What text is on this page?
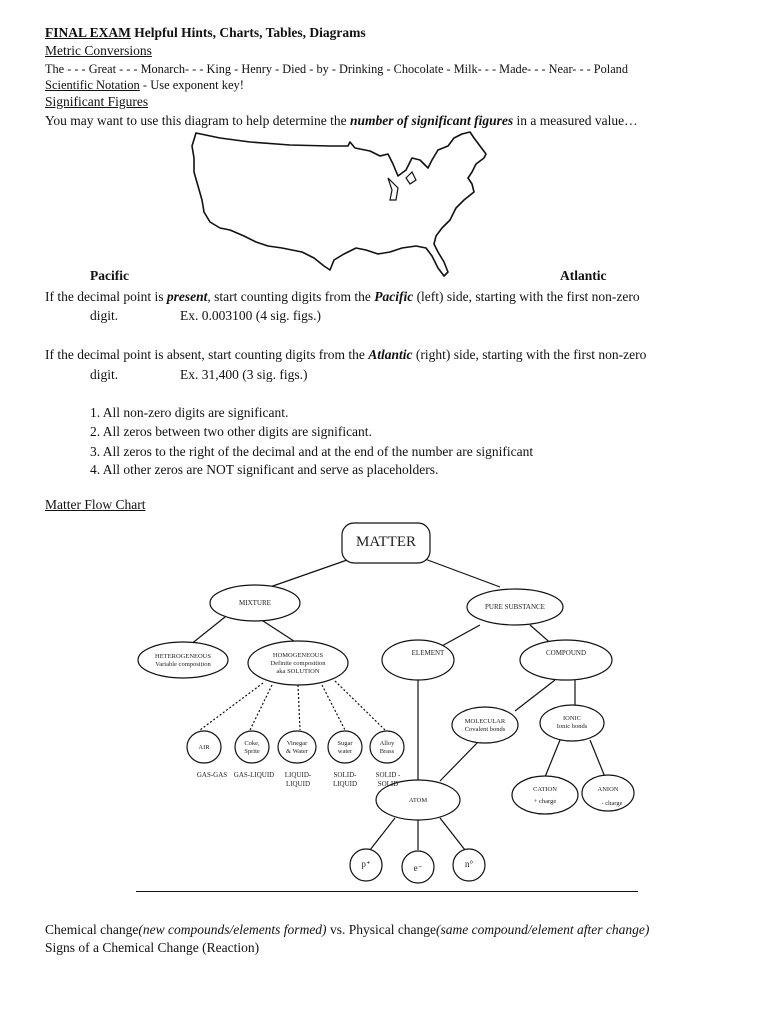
FINAL EXAM Helpful Hints, Charts, Tables, Diagrams
Metric Conversions
The - - - Great - - - Monarch- - - King - Henry - Died - by - Drinking - Chocolate - Milk- - - Made- - - Near- - - Poland
Scientific Notation - Use exponent key!
Significant Figures
You may want to use this diagram to help determine the number of significant figures in a measured value…
Pacific	Atlantic
If the decimal point is present, start counting digits from the Pacific (left) side, starting with the first non-zero
digit.	Ex. 0.003100 (4 sig. figs.)
If the decimal point is absent, start counting digits from the Atlantic (right) side, starting with the first non-zero
digit.	Ex. 31,400 (3 sig. figs.)
1. All non-zero digits are significant.
2. All zeros between two other digits are significant.
3. All zeros to the right of the decimal and at the end of the number are significant
4. All other zeros are NOT significant and serve as placeholders.
Matter Flow Chart
MATTER
MIXTURE	PURE SUBSTANCE
HETEROGENEOUS
Variable composition
HOMOGENEOUS
Definite composition
aka SOLUTION
ELEMENT	COMPOUND
MOLECULAR
Covalent bonds
IONIC
Ionic bonds
AIR
Coke,
Sprite
Vinegar
& Water
Sugar
water
Alloy
Brass
ATOM
CATION
+ charge
ANION
- charge
p⁺	e⁻	n°
GAS-GAS GAS-LIQUID LIQUID-
LIQUID
SOLID-
LIQUID
SOLID -
SOLID
Chemical change(new compounds/elements formed) vs. Physical change(same compound/element after change)
Signs of a Chemical Change (Reaction)
